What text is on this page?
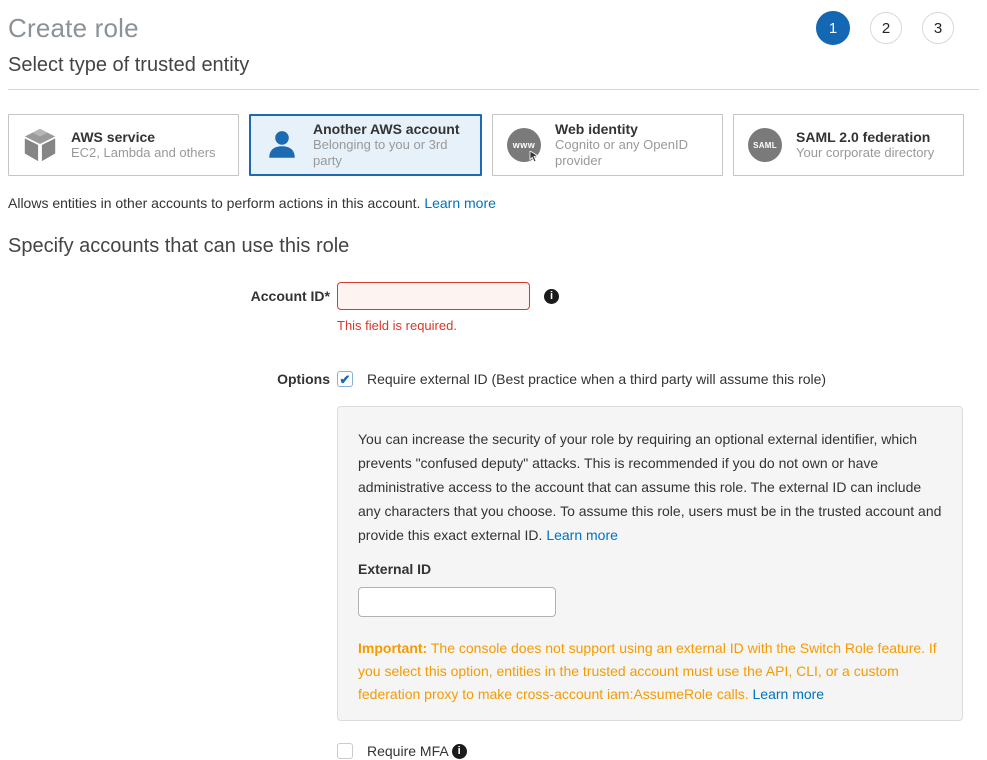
Create role	1	2	3
Select type of trusted entity
AWS service
EC2, Lambda and others
Another AWS account
Belonging to you or 3rd party
www
Web identity
Cognito or any OpenID provider
SAML SAML 2.0 federation
Your corporate directory
Allows entities in other accounts to perform actions in this account. Learn more
Specify accounts that can use this role
Account ID*	i
This field is required.
Options ✔ Require external ID (Best practice when a third party will assume this role)
You can increase the security of your role by requiring an optional external identifier, which prevents "confused deputy" attacks. This is recommended if you do not own or have administrative access to the account that can assume this role. The external ID can include any characters that you choose. To assume this role, users must be in the trusted account and provide this exact external ID. Learn more
External ID
Important: The console does not support using an external ID with the Switch Role feature. If you select this option, entities in the trusted account must use the API, CLI, or a custom federation proxy to make cross-account iam:AssumeRole calls. Learn more
Require MFA i
